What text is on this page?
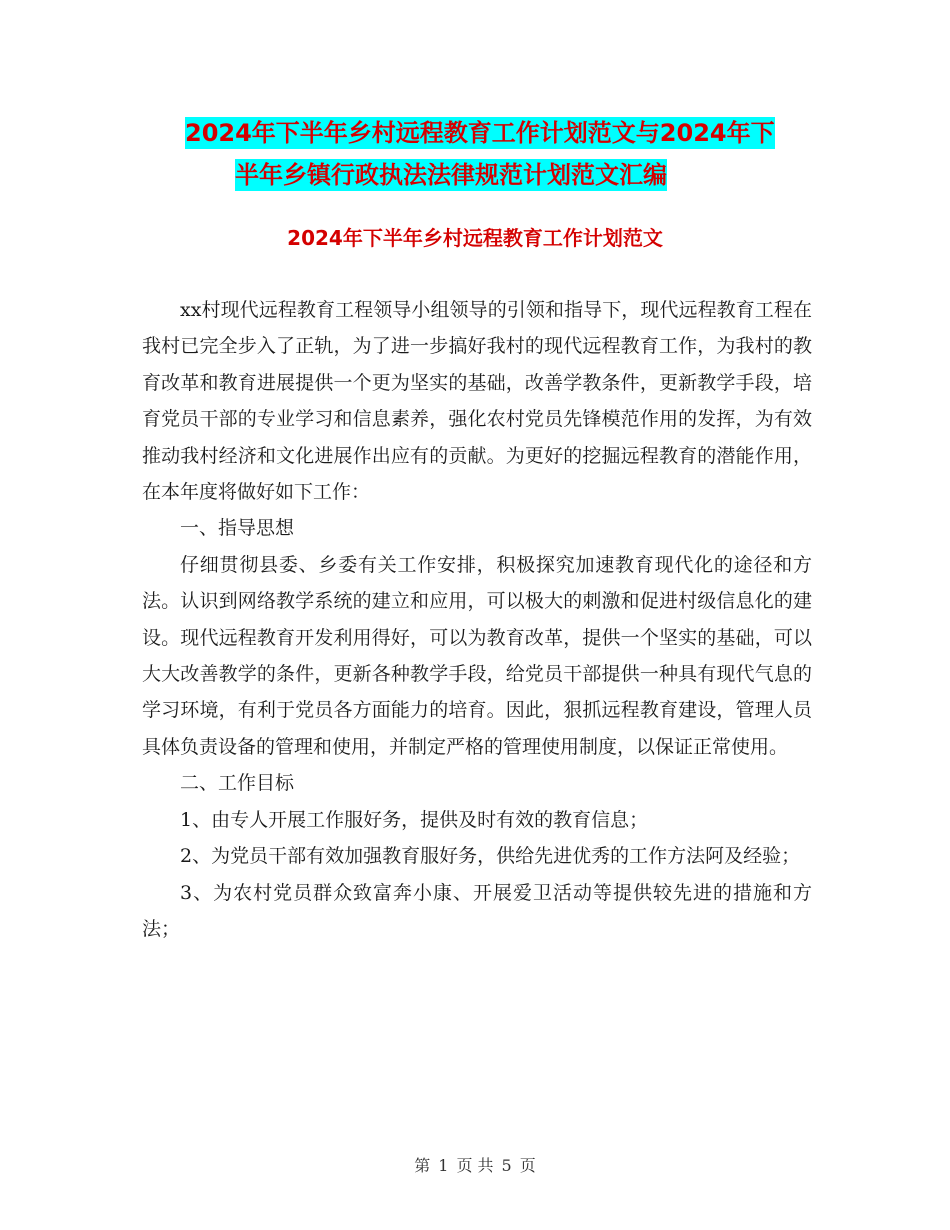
2024年下半年乡村远程教育工作计划范文与2024年下
半年乡镇行政执法法律规范计划范文汇编
2024年下半年乡村远程教育工作计划范文

xx村现代远程教育工程领导小组领导的引领和指导下，现代远程教育工程在我村已完全步入了正轨，为了进一步搞好我村的现代远程教育工作，为我村的教育改革和教育进展提供一个更为坚实的基础，改善学教条件，更新教学手段，培育党员干部的专业学习和信息素养，强化农村党员先锋模范作用的发挥，为有效推动我村经济和文化进展作出应有的贡献。为更好的挖掘远程教育的潜能作用，在本年度将做好如下工作：

一、指导思想

仔细贯彻县委、乡委有关工作安排，积极探究加速教育现代化的途径和方法。认识到网络教学系统的建立和应用，可以极大的刺激和促进村级信息化的建设。现代远程教育开发利用得好，可以为教育改革，提供一个坚实的基础，可以大大改善教学的条件，更新各种教学手段，给党员干部提供一种具有现代气息的学习环境，有利于党员各方面能力的培育。因此，狠抓远程教育建设，管理人员具体负责设备的管理和使用，并制定严格的管理使用制度，以保证正常使用。

二、工作目标

1、由专人开展工作服好务，提供及时有效的教育信息；

2、为党员干部有效加强教育服好务，供给先进优秀的工作方法阿及经验；

3、为农村党员群众致富奔小康、开展爱卫活动等提供较先进的措施和方法；

第 1 页 共 5 页
